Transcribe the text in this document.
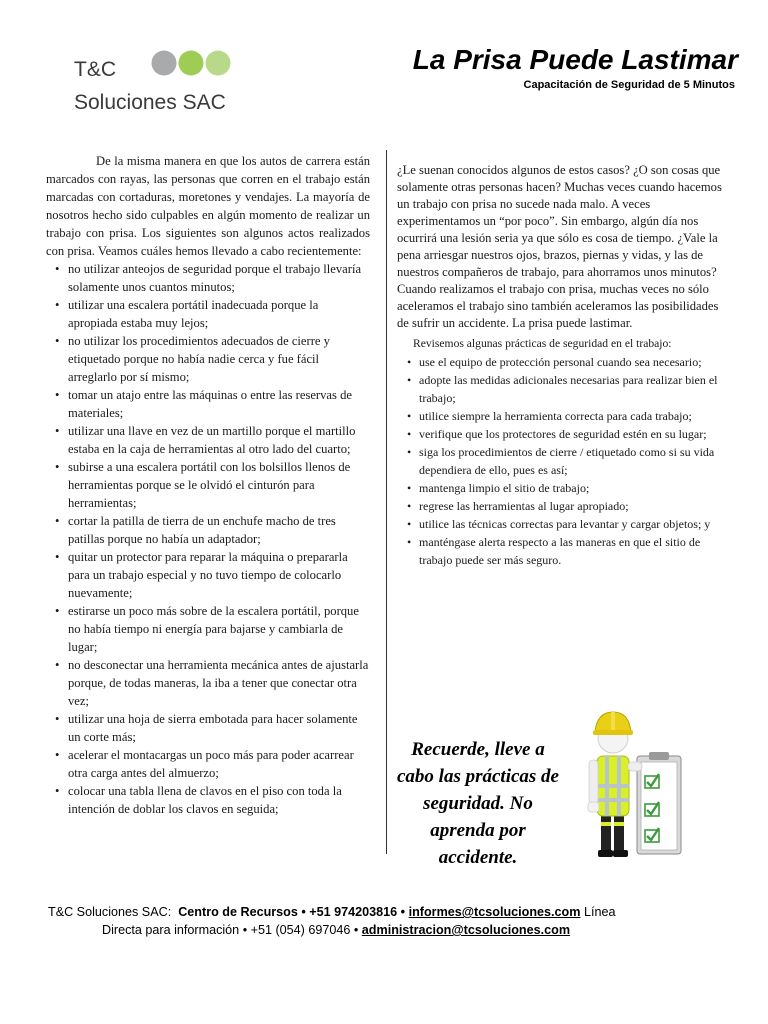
T&C
Soluciones SAC
La Prisa Puede Lastimar
Capacitación de Seguridad de 5 Minutos

De la misma manera en que los autos de carrera están marcados con rayas, las personas que corren en el trabajo están marcadas con cortaduras, moretones y vendajes. La mayoría de nosotros hecho sido culpables en algún momento de realizar un trabajo con prisa. Los siguientes son algunos actos realizados con prisa. Veamos cuáles hemos llevado a cabo recientemente:

• no utilizar anteojos de seguridad porque el trabajo llevaría solamente unos cuantos minutos;
• utilizar una escalera portátil inadecuada porque la apropiada estaba muy lejos;
• no utilizar los procedimientos adecuados de cierre y etiquetado porque no había nadie cerca y fue fácil arreglarlo por sí mismo;
• tomar un atajo entre las máquinas o entre las reservas de materiales;
• utilizar una llave en vez de un martillo porque el martillo estaba en la caja de herramientas al otro lado del cuarto;
• subirse a una escalera portátil con los bolsillos llenos de herramientas porque se le olvidó el cinturón para herramientas;
• cortar la patilla de tierra de un enchufe macho de tres patillas porque no había un adaptador;
• quitar un protector para reparar la máquina o prepararla para un trabajo especial y no tuvo tiempo de colocarlo nuevamente;
• estirarse un poco más sobre de la escalera portátil, porque no había tiempo ni energía para bajarse y cambiarla de lugar;
• no desconectar una herramienta mecánica antes de ajustarla porque, de todas maneras, la iba a tener que conectar otra vez;
• utilizar una hoja de sierra embotada para hacer solamente un corte más;
• acelerar el montacargas un poco más para poder acarrear otra carga antes del almuerzo;
• colocar una tabla llena de clavos en el piso con toda la intención de doblar los clavos en seguida;

¿Le suenan conocidos algunos de estos casos? ¿O son cosas que solamente otras personas hacen? Muchas veces cuando hacemos un trabajo con prisa no sucede nada malo. A veces experimentamos un “por poco”. Sin embargo, algún día nos ocurrirá una lesión seria ya que sólo es cosa de tiempo. ¿Vale la pena arriesgar nuestros ojos, brazos, piernas y vidas, y las de nuestros compañeros de trabajo, para ahorramos unos minutos? Cuando realizamos el trabajo con prisa, muchas veces no sólo aceleramos el trabajo sino también aceleramos las posibilidades de sufrir un accidente. La prisa puede lastimar.

Revisemos algunas prácticas de seguridad en el trabajo:

• use el equipo de protección personal cuando sea necesario;
• adopte las medidas adicionales necesarias para realizar bien el trabajo;
• utilice siempre la herramienta correcta para cada trabajo;
• verifique que los protectores de seguridad estén en su lugar;
• siga los procedimientos de cierre / etiquetado como si su vida dependiera de ello, pues es así;
• mantenga limpio el sitio de trabajo;
• regrese las herramientas al lugar apropiado;
• utilice las técnicas correctas para levantar y cargar objetos; y
• manténgase alerta respecto a las maneras en que el sitio de trabajo puede ser más seguro.
Recuerde, lleve a cabo las prácticas de seguridad. No aprenda por accidente.
T&C Soluciones SAC: Centro de Recursos • +51 974203816 • informes@tcsoluciones.com Línea
Directa para información • +51 (054) 697046 • administracion@tcsoluciones.com
